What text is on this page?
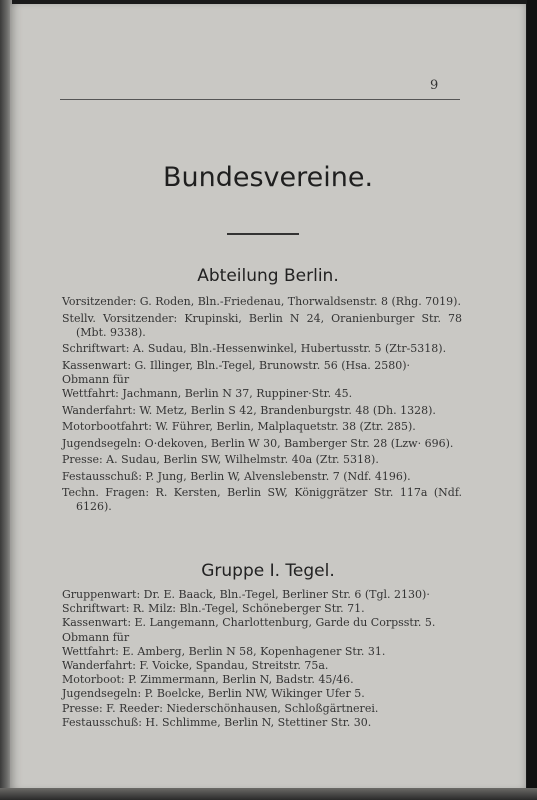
9
Bundesvereine.
Abteilung Berlin.

Vorsitzender: G. Roden, Bln.-Friedenau, Thorwaldsenstr. 8 (Rhg. 7019).

Stellv. Vorsitzender: Krupinski, Berlin N 24, Oranienburger Str. 78 (Mbt. 9338).

Schriftwart: A. Sudau, Bln.-Hessenwinkel, Hubertusstr. 5 (Ztr-5318).

Kassenwart: G. Illinger, Bln.-Tegel, Brunowstr. 56 (Hsa. 2580)·

Obmann für

Wettfahrt: Jachmann, Berlin N 37, Ruppiner·Str. 45.

Wanderfahrt: W. Metz, Berlin S 42, Brandenburgstr. 48 (Dh. 1328).

Motorbootfahrt: W. Führer, Berlin, Malplaquetstr. 38 (Ztr. 285).

Jugendsegeln: O·dekoven, Berlin W 30, Bamberger Str. 28 (Lzw· 696).

Presse: A. Sudau, Berlin SW, Wilhelmstr. 40a (Ztr. 5318).

Festausschuß: P. Jung, Berlin W, Alvenslebenstr. 7 (Ndf. 4196).

Techn. Fragen: R. Kersten, Berlin SW, Königgrätzer Str. 117a (Ndf. 6126).

Gruppe I. Tegel.

Gruppenwart: Dr. E. Baack, Bln.-Tegel, Berliner Str. 6 (Tgl. 2130)·

Schriftwart: R. Milz: Bln.-Tegel, Schöneberger Str. 71.

Kassenwart: E. Langemann, Charlottenburg, Garde du Corpsstr. 5.

Obmann für

Wettfahrt: E. Amberg, Berlin N 58, Kopenhagener Str. 31.

Wanderfahrt: F. Voicke, Spandau, Streitstr. 75a.

Motorboot: P. Zimmermann, Berlin N, Badstr. 45/46.

Jugendsegeln: P. Boelcke, Berlin NW, Wikinger Ufer 5.

Presse: F. Reeder: Niederschönhausen, Schloßgärtnerei.

Festausschuß: H. Schlimme, Berlin N, Stettiner Str. 30.
